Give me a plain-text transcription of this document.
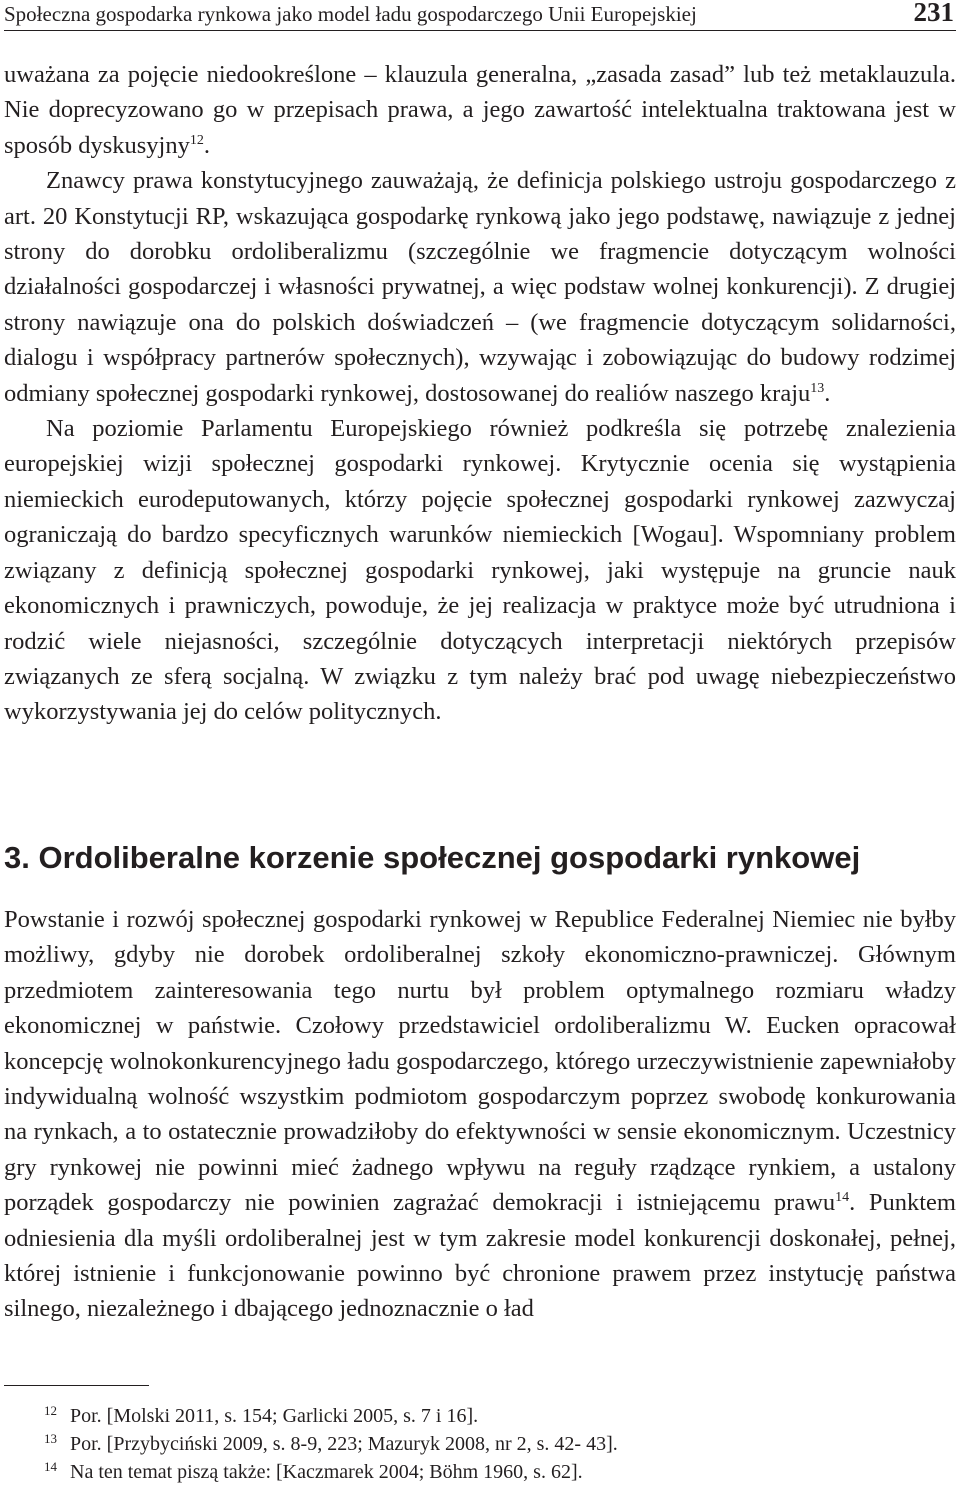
Społeczna gospodarka rynkowa jako model ładu gospodarczego Unii Europejskiej	231

uważana za pojęcie niedookreślone – klauzula generalna, „zasada zasad” lub też metaklauzula. Nie doprecyzowano go w przepisach prawa, a jego zawartość intelektualna traktowana jest w sposób dyskusyjny$^{12}$.

Znawcy prawa konstytucyjnego zauważają, że definicja polskiego ustroju gospodarczego z art. 20 Konstytucji RP, wskazująca gospodarkę rynkową jako jego podstawę, nawiązuje z jednej strony do dorobku ordoliberalizmu (szczególnie we fragmencie dotyczącym wolności działalności gospodarczej i własności prywatnej, a więc podstaw wolnej konkurencji). Z drugiej strony nawiązuje ona do polskich doświadczeń – (we fragmencie dotyczącym solidarności, dialogu i współpracy partnerów społecznych), wzywając i zobowiązując do budowy rodzimej odmiany społecznej gospodarki rynkowej, dostosowanej do realiów naszego kraju$^{13}$.

Na poziomie Parlamentu Europejskiego również podkreśla się potrzebę znalezienia europejskiej wizji społecznej gospodarki rynkowej. Krytycznie ocenia się wystąpienia niemieckich eurodeputowanych, którzy pojęcie społecznej gospodarki rynkowej zazwyczaj ograniczają do bardzo specyficznych warunków niemieckich [Wogau]. Wspomniany problem związany z definicją społecznej gospodarki rynkowej, jaki występuje na gruncie nauk ekonomicznych i prawniczych, powoduje, że jej realizacja w praktyce może być utrudniona i rodzić wiele niejasności, szczególnie dotyczących interpretacji niektórych przepisów związanych ze sferą socjalną. W związku z tym należy brać pod uwagę niebezpieczeństwo wykorzystywania jej do celów politycznych.

3. Ordoliberalne korzenie społecznej gospodarki rynkowej

Powstanie i rozwój społecznej gospodarki rynkowej w Republice Federalnej Niemiec nie byłby możliwy, gdyby nie dorobek ordoliberalnej szkoły ekonomiczno-prawniczej. Głównym przedmiotem zainteresowania tego nurtu był problem optymalnego rozmiaru władzy ekonomicznej w państwie. Czołowy przedstawiciel ordoliberalizmu W. Eucken opracował koncepcję wolnokonkurencyjnego ładu gospodarczego, którego urzeczywistnienie zapewniałoby indywidualną wolność wszystkim podmiotom gospodarczym poprzez swobodę konkurowania na rynkach, a to ostatecznie prowadziłoby do efektywności w sensie ekonomicznym. Uczestnicy gry rynkowej nie powinni mieć żadnego wpływu na reguły rządzące rynkiem, a ustalony porządek gospodarczy nie powinien zagrażać demokracji i istniejącemu prawu$^{14}$. Punktem odniesienia dla myśli ordoliberalnej jest w tym zakresie model konkurencji doskonałej, pełnej, której istnienie i funkcjonowanie powinno być chronione prawem przez instytucję państwa silnego, niezależnego i dbającego jednoznacznie o ład

12 Por. [Molski 2011, s. 154; Garlicki 2005, s. 7 i 16].
13 Por. [Przybyciński 2009, s. 8-9, 223; Mazuryk 2008, nr 2, s. 42- 43].
14 Na ten temat piszą także: [Kaczmarek 2004; Böhm 1960, s. 62].
